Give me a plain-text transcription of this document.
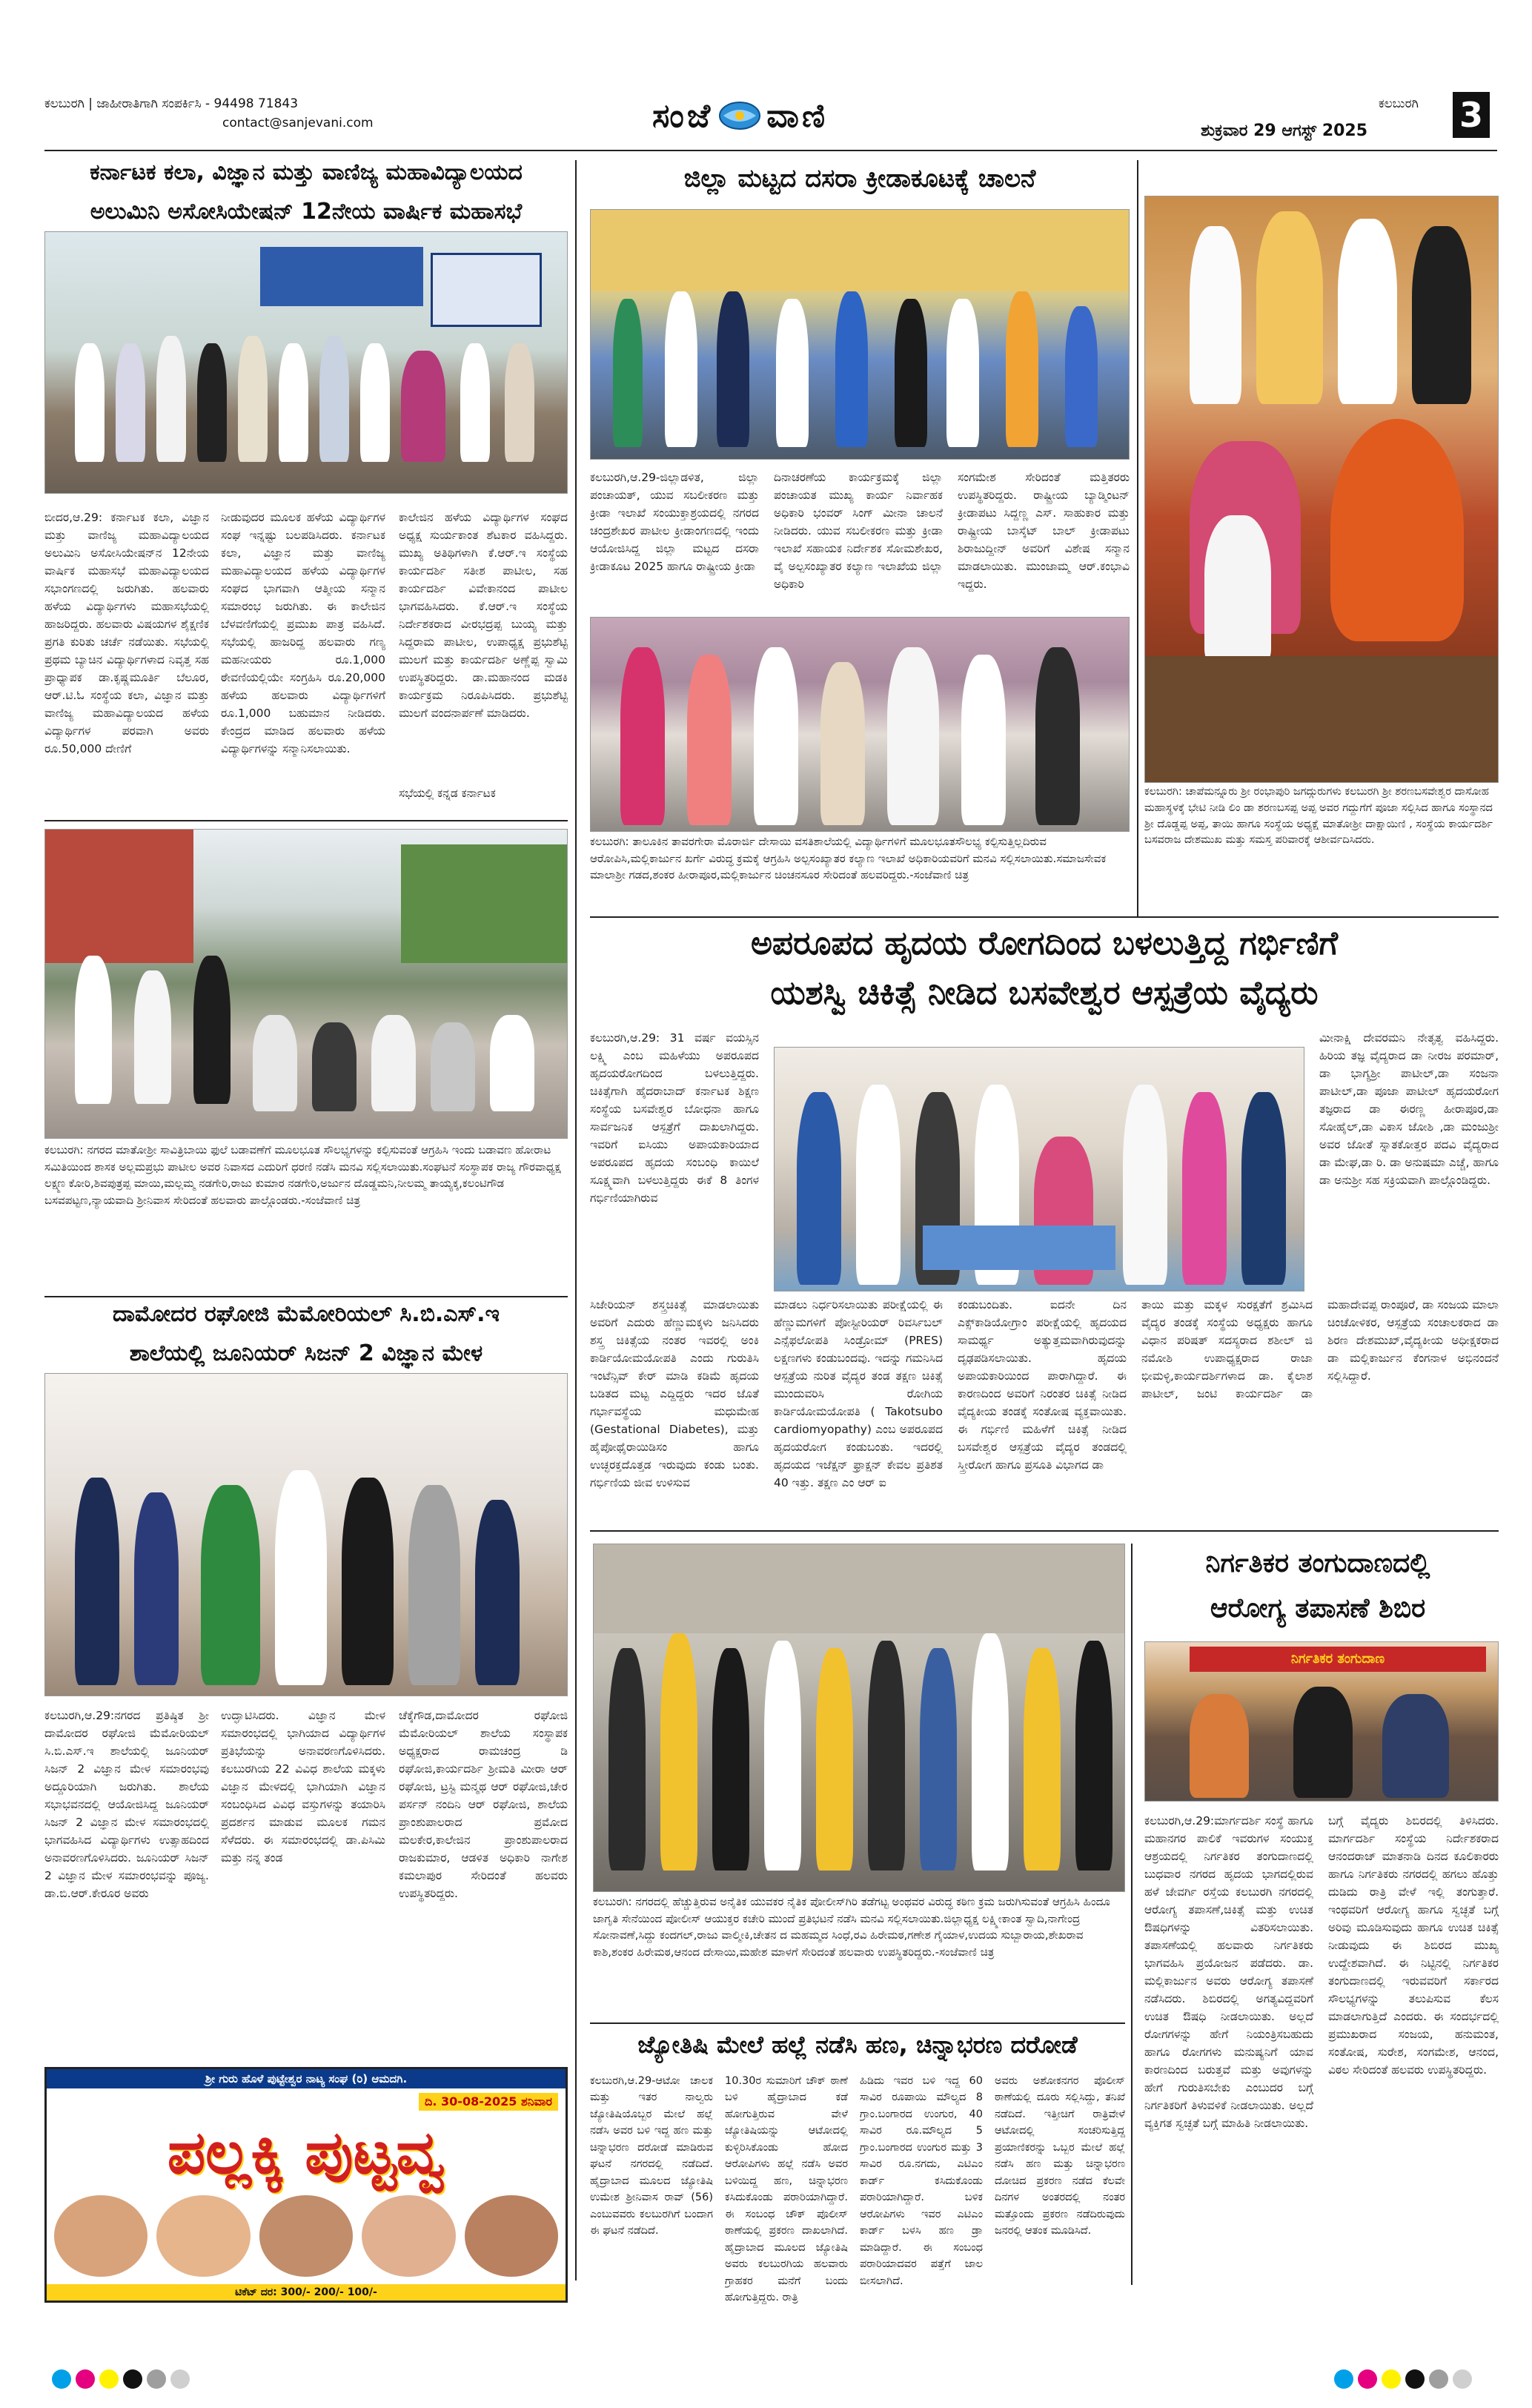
ಕಲಬುರಗಿ | ಜಾಹೀರಾತಿಗಾಗಿ ಸಂಪರ್ಕಿಸಿ - 94498 71843
contact@sanjevani.com	ಸಂಜೆ ವಾಣಿ	ಕಲಬುರಗಿ
ಶುಕ್ರವಾರ 29 ಆಗಸ್ಟ್ 2025	3
ಕರ್ನಾಟಕ ಕಲಾ, ವಿಜ್ಞಾನ ಮತ್ತು ವಾಣಿಜ್ಯ ಮಹಾವಿದ್ಯಾಲಯದ
ಅಲುಮಿನಿ ಅಸೋಸಿಯೇಷನ್ 12ನೇಯ ವಾರ್ಷಿಕ ಮಹಾಸಭೆ
ಬೀದರ,ಆ.29: ಕರ್ನಾಟಕ ಕಲಾ, ವಿಜ್ಞಾನ ಮತ್ತು ವಾಣಿಜ್ಯ ಮಹಾವಿದ್ಯಾಲಯದ ಅಲುಮಿನಿ ಅಸೋಸಿಯೇಷನ್‌ನ 12ನೇಯ ವಾರ್ಷಿಕ ಮಹಾಸಭೆ ಮಹಾವಿದ್ಯಾಲಯದ ಸಭಾಂಗಣದಲ್ಲಿ ಜರುಗಿತು. ಹಲವಾರು ಹಳೆಯ ವಿದ್ಯಾರ್ಥಿಗಳು ಮಹಾಸಭೆಯಲ್ಲಿ ಹಾಜರಿದ್ದರು. ಹಲವಾರು ವಿಷಯಗಳ ಶೈಕ್ಷಣಿಕ ಪ್ರಗತಿ ಕುರಿತು ಚರ್ಚೆ ನಡೆಯಿತು. ಸಭೆಯಲ್ಲಿ ಪ್ರಥಮ ಬ್ಯಾಚಿನ ವಿದ್ಯಾರ್ಥಿಗಳಾದ ನಿವೃತ್ತ ಸಹ ಪ್ರಾಧ್ಯಾಪಕ ಡಾ.ಕೃಷ್ಣಮೂರ್ತಿ ಬೆಲೂರ, ಆರ್.ಟಿ.ಓ ಸಂಸ್ಥೆಯ ಕಲಾ, ವಿಜ್ಞಾನ ಮತ್ತು ವಾಣಿಜ್ಯ ಮಹಾವಿದ್ಯಾಲಯದ ಹಳೆಯ ವಿದ್ಯಾರ್ಥಿಗಳ ಪರವಾಗಿ ಅವರು ರೂ.50,000 ದೇಣಿಗೆ
ನೀಡುವುದರ ಮೂಲಕ ಹಳೆಯ ವಿದ್ಯಾರ್ಥಿಗಳ ಸಂಘ ಇನ್ನಷ್ಟು ಬಲಪಡಿಸಿದರು. ಕರ್ನಾಟಕ ಕಲಾ, ವಿಜ್ಞಾನ ಮತ್ತು ವಾಣಿಜ್ಯ ಮಹಾವಿದ್ಯಾಲಯದ ಹಳೆಯ ವಿದ್ಯಾರ್ಥಿಗಳ ಸಂಘದ ಭಾಗವಾಗಿ ಆತ್ಮೀಯ ಸನ್ಮಾನ ಸಮಾರಂಭ ಜರುಗಿತು. ಈ ಕಾಲೇಜಿನ ಬೆಳವಣಿಗೆಯಲ್ಲಿ ಪ್ರಮುಖ ಪಾತ್ರ ವಹಿಸಿದೆ. ಸಭೆಯಲ್ಲಿ ಹಾಜರಿದ್ದ ಹಲವಾರು ಗಣ್ಯ ಮಹನೀಯರು ರೂ.1,000 ಠೇವಣಿಯಲ್ಲಿಯೇ ಸಂಗ್ರಹಿಸಿ ರೂ.20,000 ಹಳೆಯ ಹಲವಾರು ವಿದ್ಯಾರ್ಥಿಗಳಿಗೆ ರೂ.1,000 ಬಹುಮಾನ ನೀಡಿದರು. ಕೇಂದ್ರದ ಮಾಡಿದ ಹಲವಾರು ಹಳೆಯ ವಿದ್ಯಾರ್ಥಿಗಳನ್ನು ಸನ್ಮಾನಿಸಲಾಯಿತು.
ಕಾಲೇಜಿನ ಹಳೆಯ ವಿದ್ಯಾರ್ಥಿಗಳ ಸಂಘದ ಅಧ್ಯಕ್ಷ ಸುರ್ಯಕಾಂತ ಶೆಟಕಾರ ವಹಿಸಿದ್ದರು. ಮುಖ್ಯ ಅತಿಥಿಗಳಾಗಿ ಕೆ.ಆರ್.ಇ ಸಂಸ್ಥೆಯ ಕಾರ್ಯದರ್ಶಿ ಸತೀಶ ಪಾಟೀಲ, ಸಹ ಕಾರ್ಯದರ್ಶಿ ವಿವೇಕಾನಂದ ಪಾಟೀಲ ಭಾಗವಹಿಸಿದರು. ಕೆ.ಆರ್.ಇ ಸಂಸ್ಥೆಯ ನಿರ್ದೇಶಕರಾದ ವೀರಭದ್ರಪ್ಪ ಬುಯ್ಯ ಮತ್ತು ಸಿದ್ದರಾಮ ಪಾಟೀಲ, ಉಪಾಧ್ಯಕ್ಷ ಪ್ರಭುಶೆಟ್ಟಿ ಮುಲಗೆ ಮತ್ತು ಕಾರ್ಯದರ್ಶಿ ಅಣ್ಣೆಪ್ಪ ಸ್ವಾಮಿ ಉಪಸ್ಥಿತರಿದ್ದರು. ಡಾ.ಮಹಾನಂದ ಮಡಕಿ ಕಾರ್ಯಕ್ರಮ ನಿರೂಪಿಸಿದರು. ಪ್ರಭುಶೆಟ್ಟಿ ಮುಲಗೆ ವಂದನಾರ್ಪಣೆ ಮಾಡಿದರು.
ಸಭೆಯಲ್ಲಿ ಕನ್ನಡ ಕರ್ನಾಟಕ
ಜಿಲ್ಲಾ ಮಟ್ಟದ ದಸರಾ ಕ್ರೀಡಾಕೂಟಕ್ಕೆ ಚಾಲನೆ
ಕಲಬುರಗಿ,ಆ.29-ಜಿಲ್ಲಾಡಳಿತ, ಜಿಲ್ಲಾ ಪಂಚಾಯತ್, ಯುವ ಸಬಲೀಕರಣ ಮತ್ತು ಕ್ರೀಡಾ ಇಲಾಖೆ ಸಂಯುಕ್ತಾಶ್ರಯದಲ್ಲಿ ನಗರದ ಚಂದ್ರಶೇಖರ ಪಾಟೀಲ ಕ್ರೀಡಾಂಗಣದಲ್ಲಿ ಇಂದು ಆಯೋಜಿಸಿದ್ದ ಜಿಲ್ಲಾ ಮಟ್ಟದ ದಸರಾ ಕ್ರೀಡಾಕೂಟ 2025 ಹಾಗೂ ರಾಷ್ಟ್ರೀಯ ಕ್ರೀಡಾ
ದಿನಾಚರಣೆಯ ಕಾರ್ಯಕ್ರಮಕ್ಕೆ ಜಿಲ್ಲಾ ಪಂಚಾಯತ ಮುಖ್ಯ ಕಾರ್ಯ ನಿರ್ವಾಹಕ ಅಧಿಕಾರಿ ಭಂವರ್ ಸಿಂಗ್ ಮೀನಾ ಚಾಲನೆ ನೀಡಿದರು. ಯುವ ಸಬಲೀಕರಣ ಮತ್ತು ಕ್ರೀಡಾ ಇಲಾಖೆ ಸಹಾಯಕ ನಿರ್ದೇಶಕ ಸೋಮಶೇಖರ, ವೈ ಅಲ್ಪಸಂಖ್ಯಾತರ ಕಲ್ಯಾಣ ಇಲಾಖೆಯ ಜಿಲ್ಲಾ ಅಧಿಕಾರಿ
ಸಂಗಮೇಶ ಸೇರಿದಂತೆ ಮತ್ತಿತರರು ಉಪಸ್ಥಿತರಿದ್ದರು. ರಾಷ್ಟ್ರೀಯ ಬ್ಯಾಡ್ಮಿಂಟನ್ ಕ್ರೀಡಾಪಟು ಸಿದ್ದಣ್ಣ ಎಸ್. ಸಾಹುಕಾರ ಮತ್ತು ರಾಷ್ಟ್ರೀಯ ಬಾಸ್ಕೆಟ್ ಬಾಲ್ ಕ್ರೀಡಾಪಟು ಶಿರಾಜುದ್ದೀನ್ ಅವರಿಗೆ ವಿಶೇಷ ಸನ್ಮಾನ ಮಾಡಲಾಯಿತು. ಮುಂಜಾಮ್ಮ ಆರ್.ಕಂಭಾವಿ ಇದ್ದರು.
ಕಲಬುರಗಿ: ತಾಲೂಕಿನ ತಾವರಗೇರಾ ಮೊರಾರ್ಜಿ ದೇಸಾಯಿ ವಸತಿಶಾಲೆಯಲ್ಲಿ ವಿದ್ಯಾರ್ಥಿಗಳಿಗೆ ಮೂಲಭೂತಸೌಲಭ್ಯ ಕಲ್ಪಿಸುತ್ತಿಲ್ಲದಿರುವ ಆರೋಪಿಸಿ,ಮಲ್ಲಿಕಾರ್ಜುನ ಖರ್ಗೆ ವಿರುದ್ಧ ಕ್ರಮಕ್ಕೆ ಆಗ್ರಹಿಸಿ ಅಲ್ಪಸಂಖ್ಯಾತರ ಕಲ್ಯಾಣ ಇಲಾಖೆ ಅಧಿಕಾರಿಯವರಿಗೆ ಮನವಿ ಸಲ್ಲಿಸಲಾಯಿತು.ಸಮಾಜಸೇವಕ ಮಾಲಾಶ್ರೀ ಗಡದ,ಶಂಕರ ಹೀರಾಪೂರ,ಮಲ್ಲಿಕಾರ್ಜುನ ಚಿಂಚನಸೂರ ಸೇರಿದಂತೆ ಹಲವರಿದ್ದರು.-ಸಂಜೆವಾಣಿ ಚಿತ್ರ
ಕಲಬುರಗಿ: ಚಾಪೆಮನ್ನೂರು ಶ್ರೀ ರಂಭಾಪುರಿ ಜಗದ್ಗುರುಗಳು ಕಲಬುರಗಿ ಶ್ರೀ ಶರಣಬಸವೇಶ್ವರ ದಾಸೋಹ ಮಹಾಸ್ಥಳಕ್ಕೆ ಭೇಟಿ ನೀಡಿ ಲಿಂ ಡಾ ಶರಣಬಸಪ್ಪ ಅಪ್ಪ ಅವರ ಗದ್ದುಗೆಗೆ ಪೂಜಾ ಸಲ್ಲಿಸಿದ ಹಾಗೂ ಸಂಸ್ಥಾನದ ಶ್ರೀ ದೊಡ್ಡಪ್ಪ ಅಪ್ಪ, ತಾಯಿ ಹಾಗೂ ಸಂಸ್ಥೆಯ ಅಧ್ಯಕ್ಷೆ ಮಾತೋಶ್ರೀ ದಾಕ್ಷಾಯಿಣಿ , ಸಂಸ್ಥೆಯ ಕಾರ್ಯದರ್ಶಿ ಬಸವರಾಜ ದೇಶಮುಖ ಮತ್ತು ಸಮಸ್ತ ಪರಿವಾರಕ್ಕೆ ಆಶೀರ್ವದಿಸಿದರು.
ಕಲಬುರಗಿ: ನಗರದ ಮಾತೋಶ್ರೀ ಸಾವಿತ್ರಿಬಾಯಿ ಫುಲೆ ಬಡಾವಣೆಗೆ ಮೂಲಭೂತ ಸೌಲಭ್ಯಗಳನ್ನು ಕಲ್ಪಿಸುವಂತೆ ಆಗ್ರಹಿಸಿ ಇಂದು ಬಡಾವಣ ಹೋರಾಟ ಸಮಿತಿಯಿಂದ ಶಾಸಕ ಅಲ್ಲಮಪ್ರಭು ಪಾಟೀಲ ಅವರ ನಿವಾಸದ ಎದುರಿಗೆ ಧರಣಿ ನಡೆಸಿ ಮನವಿ ಸಲ್ಲಿಸಲಾಯಿತು.ಸಂಘಟನೆ ಸಂಸ್ಥಾಪಕ ರಾಜ್ಯ ಗೌರವಾಧ್ಯಕ್ಷ ಲಕ್ಷ್ಮಣ ಕೋರಿ,ಶಿವಪುತ್ರಪ್ಪ ಮಾಯಿ,ಮಲ್ಲಮ್ಮ ನಡಗೇರಿ,ರಾಜು ಕುಮಾರ ನಡಗೇರಿ,ಅರ್ಜುನ ದೊಡ್ಡಮನಿ,ನೀಲಮ್ಮ ತಾಯ್ಯಕ್ಕ,ಕಲಂಟಿಗೌಡ ಬಸವಪಟ್ಟಣ,ನ್ಯಾಯವಾದಿ ಶ್ರೀನಿವಾಸ ಸೇರಿದಂತೆ ಹಲವಾರು ಪಾಲ್ಗೊಂಡರು.-ಸಂಜೆವಾಣಿ ಚಿತ್ರ
ದಾಮೋದರ ರಘೋಜಿ ಮೆಮೋರಿಯಲ್ ಸಿ.ಬಿ.ಎಸ್.ಇ
ಶಾಲೆಯಲ್ಲಿ ಜೂನಿಯರ್ ಸಿಜನ್ 2 ವಿಜ್ಞಾನ ಮೇಳ
ಕಲಬುರಗಿ,ಆ.29:ನಗರದ ಪ್ರತಿಷ್ಠಿತ ಶ್ರೀ ದಾಮೋದರ ರಘೋಜಿ ಮೆಮೋರಿಯಲ್ ಸಿ.ಬಿ.ಎಸ್.ಇ ಶಾಲೆಯಲ್ಲಿ ಜೂನಿಯರ್ ಸಿಜನ್ 2 ವಿಜ್ಞಾನ ಮೇಳ ಸಮಾರಂಭವು ಅದ್ದೂರಿಯಾಗಿ ಜರುಗಿತು. ಶಾಲೆಯ ಸಭಾಭವನದಲ್ಲಿ ಆಯೋಜಿಸಿದ್ದ ಜೂನಿಯರ್ ಸಿಜನ್ 2 ವಿಜ್ಞಾನ ಮೇಳ ಸಮಾರಂಭದಲ್ಲಿ ಭಾಗವಹಿಸಿದ ವಿದ್ಯಾರ್ಥಿಗಳು ಉತ್ಸಾಹದಿಂದ ಅನಾವರಣಗೊಳಿಸಿದರು. ಜೂನಿಯರ್ ಸಿಜನ್ 2 ವಿಜ್ಞಾನ ಮೇಳ ಸಮಾರಂಭವನ್ನು ಪೂಜ್ಯ. ಡಾ.ಬಿ.ಆರ್.ಕೇರೂರ ಅವರು
ಉದ್ಘಾಟಿಸಿದರು. ವಿಜ್ಞಾನ ಮೇಳ ಸಮಾರಂಭದಲ್ಲಿ ಭಾಗಿಯಾದ ವಿದ್ಯಾರ್ಥಿಗಳ ಪ್ರತಿಭೆಯನ್ನು ಅನಾವರಣಗೊಳಿಸಿದರು. ಕಲಬುರಗಿಯ 22 ವಿವಿಧ ಶಾಲೆಯ ಮಕ್ಕಳು ವಿಜ್ಞಾನ ಮೇಳದಲ್ಲಿ ಭಾಗಿಯಾಗಿ ವಿಜ್ಞಾನ ಸಂಬಂಧಿಸಿದ ವಿವಿಧ ವಸ್ತುಗಳನ್ನು ತಯಾರಿಸಿ ಪ್ರದರ್ಶನ ಮಾಡುವ ಮೂಲಕ ಗಮನ ಸೆಳೆದರು. ಈ ಸಮಾರಂಭದಲ್ಲಿ ಡಾ.ಪಿಸಿಮಿ ಮತ್ತು ನನ್ನ ತಂಡ
ಚೆಕ್ಕೆಗೌಡ,ದಾಮೋದರ ರಘೋಜಿ ಮೆಮೋರಿಯಲ್ ಶಾಲೆಯ ಸಂಸ್ಥಾಪಕ ಅಧ್ಯಕ್ಷರಾದ ರಾಮಚಂದ್ರ ಡಿ ರಘೋಜಿ,ಕಾರ್ಯದರ್ಶಿ ಶ್ರೀಮತಿ ಮೀರಾ ಆರ್ ರಘೋಜಿ, ಟ್ರಸ್ಟಿ ಮನ್ಮಥ ಆರ್ ರಘೋಜಿ,ಚೇರ ಪರ್ಸನ್ ನಂದಿನಿ ಆರ್ ರಘೋಜಿ, ಶಾಲೆಯ ಪ್ರಾಂಶುಪಾಲರಾದ ಪ್ರಮೋದ ಮಲಕೇರ,ಕಾಲೇಜಿನ ಪ್ರಾಂಶುಪಾಲರಾದ ರಾಜಕುಮಾರ, ಆಡಳಿತ ಅಧಿಕಾರಿ ನಾಗೇಶ ಕಮಲಾಪುರ ಸೇರಿದಂತೆ ಹಲವರು ಉಪಸ್ಥಿತರಿದ್ದರು.
ಶ್ರೀ ಗುರು ಹೊಳೆ ಪುಟ್ಟೇಶ್ವರ ನಾಟ್ಯ ಸಂಘ (ರಿ) ಆಮದಗಿ.
ದಿ. 30-08-2025 ಶನಿವಾರ
ಪಲ್ಲಕ್ಕಿ ಪುಟ್ಟವ್ವ
ಟಿಕೆಟ್ ದರ: 300/- 200/- 100/-
ಅಪರೂಪದ ಹೃದಯ ರೋಗದಿಂದ ಬಳಲುತ್ತಿದ್ದ ಗರ್ಭಿಣಿಗೆ
ಯಶಸ್ವಿ ಚಿಕಿತ್ಸೆ ನೀಡಿದ ಬಸವೇಶ್ವರ ಆಸ್ಪತ್ರೆಯ ವೈದ್ಯರು
ಕಲಬುರಗಿ,ಆ.29: 31 ವರ್ಷ ವಯಸ್ಸಿನ ಲಕ್ಷ್ಮಿ ಎಂಬ ಮಹಿಳೆಯು ಅಪರೂಪದ ಹೃದಯರೋಗದಿಂದ ಬಳಲುತ್ತಿದ್ದರು. ಚಿಕಿತ್ಸೆಗಾಗಿ ಹೈದರಾಬಾದ್ ಕರ್ನಾಟಕ ಶಿಕ್ಷಣ ಸಂಸ್ಥೆಯ ಬಸವೇಶ್ವರ ಬೋಧನಾ ಹಾಗೂ ಸಾರ್ವಜನಿಕ ಆಸ್ಪತ್ರೆಗೆ ದಾಖಲಾಗಿದ್ದರು. ಇವರಿಗೆ ಐಸಿಯು ಅಪಾಯಕಾರಿಯಾದ ಅಪರೂಪದ ಹೃದಯ ಸಂಬಂಧಿ ಕಾಯಿಲೆ ಸೂಕ್ಷ್ಮವಾಗಿ ಬಳಲುತ್ತಿದ್ದರು ಈಕೆ 8 ತಿಂಗಳ ಗರ್ಭಿಣಿಯಾಗಿರುವ
ಮೀನಾಕ್ಷಿ ದೇವರಮನಿ ನೇತೃತ್ವ ವಹಿಸಿದ್ದರು. ಹಿರಿಯ ತಜ್ಞ ವೈದ್ಯರಾದ ಡಾ ನೀರಜ ಪರಮಾರ್, ಡಾ ಭಾಗ್ಯಶ್ರೀ ಪಾಟೀಲ್,ಡಾ ಸಂಜನಾ ಪಾಟೀಲ್,ಡಾ ಪೂಜಾ ಪಾಟೀಲ್ ಹೃದಯರೋಗ ತಜ್ಞರಾದ ಡಾ ಈರಣ್ಣ ಹೀರಾಪೂರ,ಡಾ ಸೋಹೈಲ್,ಡಾ ವಿಕಾಸ ಜೋಶಿ ,ಡಾ ಮಂಜುಶ್ರೀ ಅವರ ಜೋತೆ ಸ್ನಾತಕೋತ್ತರ ಪದವಿ ವೈದ್ಯರಾದ ಡಾ ಮೇಘ,ಡಾ ರಿ. ಡಾ ಅನುಷಮಾ ಎಚ್ಚೆ, ಹಾಗೂ ಡಾ ಅನುಶ್ರೀ ಸಹ ಸಕ್ರಿಯವಾಗಿ ಪಾಲ್ಗೊಂಡಿದ್ದರು.
ಸಿಜೇರಿಯನ್ ಶಸ್ತ್ರಚಿಕಿತ್ಸೆ ಮಾಡಲಾಯಿತು ಅವರಿಗೆ ಎದುರು ಹೆಣ್ಣುಮಕ್ಕಳು ಜನಿಸಿದರು ಶಸ್ತ್ರ ಚಿಕಿತ್ಸೆಯ ನಂತರ ಇವರಲ್ಲಿ ಅಂಕಿ ಕಾರ್ಡಿಯೋಮಯೋಪತಿ ಎಂದು ಗುರುತಿಸಿ ಇಂಟೆನ್ಸಿವ್ ಕೇರ್ ಮಾಡಿ ಕಡಿಮೆ ಹೃದಯ ಬಡಿತದ ಮಟ್ಟ ಎದ್ದಿದ್ದರು ಇದರ ಜೊತೆ ಗರ್ಭಾವಸ್ಥೆಯ ಮಧುಮೇಹ (Gestational Diabetes), ಮತ್ತು ಹೈಪೋಥೈರಾಯಿಡಿಸಂ ಹಾಗೂ ಉಚ್ಛರಕ್ತದೊತ್ತಡ ಇರುವುದು ಕಂಡು ಬಂತು. ಗರ್ಭಿಣಿಯ ಜೀವ ಉಳಿಸುವ
ಮಾಡಲು ನಿರ್ಧರಿಸಲಾಯಿತು ಪರೀಕ್ಷೆಯಲ್ಲಿ ಈ ಹೆಣ್ಣುಮಗಳಿಗೆ ಪೋಸ್ಟೀರಿಯರ್ ರಿವರ್ಸಿಬಲ್ ಎನ್ಸೆಫಲೋಪತಿ ಸಿಂಡ್ರೋಮ್ (PRES) ಲಕ್ಷಣಗಳು ಕಂಡುಬಂದವು. ಇದನ್ನು ಗಮನಿಸಿದ ಆಸ್ಪತ್ರೆಯ ನುರಿತ ವೈದ್ಯರ ತಂಡ ತಕ್ಷಣ ಚಿಕಿತ್ಸೆ ಮುಂದುವರಿಸಿ ರೋಗಿಯ ಕಾರ್ಡಿಯೋಮಯೋಪತಿ ( Takotsubo cardiomyopathy) ಎಂಬ ಅಪರೂಪದ ಹೃದಯರೋಗ ಕಂಡುಬಂತು. ಇದರಲ್ಲಿ ಹೃದಯದ ಇಜೆಕ್ಷನ್ ಫ್ರಾಕ್ಷನ್ ಕೇವಲ ಪ್ರತಿಶತ 40 ಇತ್ತು. ತಕ್ಷಣ ಎಂ ಆರ್ ಐ
ಕಂಡುಬಂದಿತು. ಐದನೇ ದಿನ ಎಕ್ಸ್‌ಕಾಡಿಯೋಗ್ರಾಂ ಪರೀಕ್ಷೆಯಲ್ಲಿ ಹೃದಯದ ಸಾಮರ್ಥ್ಯ ಅತ್ಯುತ್ತಮವಾಗಿರುವುದನ್ನು ದೃಢಪಡಿಸಲಾಯಿತು. ಹೃದಯ ಅಪಾಯಕಾರಿಯಿಂದ ಪಾರಾಗಿದ್ದಾರೆ. ಈ ಕಾರಣದಿಂದ ಅವರಿಗೆ ನಿರಂತರ ಚಿಕಿತ್ಸೆ ನೀಡಿದ ವೈದ್ಯಕೀಯ ತಂಡಕ್ಕೆ ಸಂತೋಷ ವ್ಯಕ್ತವಾಯಿತು. ಈ ಗರ್ಭಿಣಿ ಮಹಿಳೆಗೆ ಚಿಕಿತ್ಸೆ ನೀಡಿದ ಬಸವೇಶ್ವರ ಆಸ್ಪತ್ರೆಯ ವೈದ್ಯರ ತಂಡದಲ್ಲಿ ಸ್ತ್ರೀರೋಗ ಹಾಗೂ ಪ್ರಸೂತಿ ವಿಭಾಗದ ಡಾ
ತಾಯಿ ಮತ್ತು ಮಕ್ಕಳ ಸುರಕ್ಷತೆಗೆ ಶ್ರಮಿಸಿದ ವೈದ್ಯರ ತಂಡಕ್ಕೆ ಸಂಸ್ಥೆಯ ಅಧ್ಯಕ್ಷರು ಹಾಗೂ ವಿಧಾನ ಪರಿಷತ್ ಸದಸ್ಯರಾದ ಶಶೀಲ್ ಜಿ ನಮೋಶಿ ಉಪಾಧ್ಯಕ್ಷರಾದ ರಾಜಾ ಭೀಮಳ್ಳಿ,ಕಾರ್ಯದರ್ಶಿಗಳಾದ ಡಾ. ಕೈಲಾಶ ಪಾಟೀಲ್, ಜಂಟಿ ಕಾರ್ಯದರ್ಶಿ ಡಾ ಮಹಾದೇವಪ್ಪ ರಾಂಪೂರೆ, ಡಾ ಸಂಜಯ ಮಾಲಾ ಚಿಂಚೋಳಿಕರ, ಆಸ್ಪತ್ರೆಯ ಸಂಚಾಲಕರಾದ ಡಾ ಶಿರಣ ದೇಶಮುಖ್,ವೈದ್ಯಕೀಯ ಅಧೀಕ್ಷಕರಾದ ಡಾ ಮಲ್ಲಿಕಾರ್ಜುನ ಕೆಂಗನಾಳ ಅಭಿನಂದನೆ ಸಲ್ಲಿಸಿದ್ದಾರೆ.
ಕಲಬುರಗಿ: ನಗರದಲ್ಲಿ ಹೆಚ್ಚುತ್ತಿರುವ ಅನೈತಿಕ ಯುವಕರ ನೈತಿಕ ಪೋಲೀಸ್‌ಗಿರಿ ತಡೆಗಟ್ಟ ಅಂಥವರ ವಿರುದ್ಧ ಕಠಿಣ ಕ್ರಮ ಜರುಗಿಸುವಂತೆ ಆಗ್ರಹಿಸಿ ಹಿಂದೂ ಜಾಗೃತಿ ಸೇನೆಯಿಂದ ಪೋಲೀಸ್ ಆಯುಕ್ತರ ಕಚೇರಿ ಮುಂದೆ ಪ್ರತಿಭಟನೆ ನಡೆಸಿ ಮನವಿ ಸಲ್ಲಿಸಲಾಯಿತು.ಜಿಲ್ಲಾಧ್ಯಕ್ಷ ಲಕ್ಷ್ಮೀಕಾಂತ ಸ್ವಾದಿ,ನಾಗೇಂದ್ರ ಸೋನಾವಣೆ,ಸಿದ್ದು ಕಂದಗಲ್,ರಾಜು ವಾಲ್ಮೀಕಿ,ಚೇತನ ದ ಮಹಮ್ಮದ ಸಿಂಧೆ,ರವಿ ಹಿರೇಮಠ,ಗಣೇಶ ಗೈಯಾಳ,ಉದಯ ಸುಬ್ಬಾರಾಯ,ಶೇಖರಾವ ಕಾಶಿ,ಶಂಕರ ಹಿರೇಮಠ,ಆನಂದ ದೇಸಾಯಿ,ಮಹೇಶ ಮಾಳಗೆ ಸೇರಿದಂತೆ ಹಲವಾರು ಉಪಸ್ಥಿತರಿದ್ದರು.-ಸಂಜೆವಾಣಿ ಚಿತ್ರ
ನಿರ್ಗತಿಕರ ತಂಗುದಾಣದಲ್ಲಿ
ಆರೋಗ್ಯ ತಪಾಸಣೆ ಶಿಬಿರ
ನಿರ್ಗತಿಕರ ತಂಗುದಾಣ
ಕಲಬುರಗಿ,ಆ.29:ಮಾರ್ಗದರ್ಶಿ ಸಂಸ್ಥೆ ಹಾಗೂ ಮಹಾನಗರ ಪಾಲಿಕೆ ಇವರುಗಳ ಸಂಯುಕ್ತ ಆಶ್ರಯದಲ್ಲಿ ನಿರ್ಗತಿಕರ ತಂಗುದಾಣದಲ್ಲಿ ಬುಧವಾರ ನಗರದ ಹೃದಯ ಭಾಗದಲ್ಲಿರುವ ಹಳೆ ಜೇವರ್ಗಿ ರಸ್ತೆಯ ಕಲಬುರಗಿ ನಗರದಲ್ಲಿ ಆರೋಗ್ಯ ತಪಾಸಣೆ,ಚಿಕಿತ್ಸೆ ಮತ್ತು ಉಚಿತ ಔಷಧಿಗಳನ್ನು ವಿತರಿಸಲಾಯಿತು. ತಪಾಸಣೆಯಲ್ಲಿ ಹಲವಾರು ನಿರ್ಗತಿಕರು ಭಾಗವಹಿಸಿ ಪ್ರಯೋಜನ ಪಡೆದರು. ಡಾ. ಮಲ್ಲಿಕಾರ್ಜುನ ಅವರು ಆರೋಗ್ಯ ತಪಾಸಣೆ ನಡೆಸಿದರು. ಶಿಬಿರದಲ್ಲಿ ಅಗತ್ಯವಿದ್ದವರಿಗೆ ಉಚಿತ ಔಷಧಿ ನೀಡಲಾಯಿತು. ಅಲ್ಲದೆ ರೋಗಗಳನ್ನು ಹೇಗೆ ನಿಯಂತ್ರಿಸಬಹುದು ಹಾಗೂ ರೋಗಗಳು ಮನುಷ್ಯನಿಗೆ ಯಾವ ಕಾರಣದಿಂದ ಬರುತ್ತವೆ ಮತ್ತು ಅವುಗಳನ್ನು ಹೇಗೆ ಗುರುತಿಸಬೇಕು ಎಂಬುದರ ಬಗ್ಗೆ ನಿರ್ಗತಿಕರಿಗೆ ತಿಳುವಳಿಕೆ ನೀಡಲಾಯಿತು. ಅಲ್ಲದೆ ವ್ಯಕ್ತಿಗತ ಸ್ವಚ್ಛತೆ ಬಗ್ಗೆ ಮಾಹಿತಿ ನೀಡಲಾಯಿತು.
ಬಗ್ಗೆ ವೈದ್ಯರು ಶಿಬಿರದಲ್ಲಿ ತಿಳಿಸಿದರು. ಮಾರ್ಗದರ್ಶಿ ಸಂಸ್ಥೆಯ ನಿರ್ದೇಶಕರಾದ ಆನಂದರಾಜ್ ಮಾತನಾಡಿ ದಿನದ ಕೂಲಿಕಾರರು ಹಾಗೂ ನಿರ್ಗತಿಕರು ನಗರದಲ್ಲಿ ಹಗಲು ಹೊತ್ತು ದುಡಿದು ರಾತ್ರಿ ವೇಳೆ ಇಲ್ಲಿ ತಂಗುತ್ತಾರೆ. ಇಂಥವರಿಗೆ ಆರೋಗ್ಯ ಹಾಗೂ ಸ್ವಚ್ಛತೆ ಬಗ್ಗೆ ಅರಿವು ಮೂಡಿಸುವುದು ಹಾಗೂ ಉಚಿತ ಚಿಕಿತ್ಸೆ ನೀಡುವುದು ಈ ಶಿಬಿರದ ಮುಖ್ಯ ಉದ್ದೇಶವಾಗಿದೆ. ಈ ನಿಟ್ಟಿನಲ್ಲಿ ನಿರ್ಗತಿಕರ ತಂಗುದಾಣದಲ್ಲಿ ಇರುವವರಿಗೆ ಸರ್ಕಾರದ ಸೌಲಭ್ಯಗಳನ್ನು ತಲುಪಿಸುವ ಕೆಲಸ ಮಾಡಲಾಗುತ್ತಿದೆ ಎಂದರು. ಈ ಸಂದರ್ಭದಲ್ಲಿ ಪ್ರಮುಖರಾದ ಸಂಜಯ, ಹನುಮಂತ, ಸಂತೋಷ, ಸುರೇಶ, ಸಂಗಮೇಶ, ಆನಂದ, ವಿಠಲ ಸೇರಿದಂತೆ ಹಲವರು ಉಪಸ್ಥಿತರಿದ್ದರು.
ಜ್ಯೋತಿಷಿ ಮೇಲೆ ಹಲ್ಲೆ ನಡೆಸಿ ಹಣ, ಚಿನ್ನಾಭರಣ ದರೋಡೆ
ಕಲಬುರಗಿ,ಆ.29-ಆಟೋ ಚಾಲಕ ಮತ್ತು ಇತರ ನಾಲ್ವರು ಜ್ಯೋತಿಷಿಯೊಬ್ಬರ ಮೇಲೆ ಹಲ್ಲೆ ನಡೆಸಿ ಅವರ ಬಳಿ ಇದ್ದ ಹಣ ಮತ್ತು ಚಿನ್ನಾಭರಣ ದರೋಡೆ ಮಾಡಿರುವ ಘಟನೆ ನಗರದಲ್ಲಿ ನಡೆದಿದೆ. ಹೈದ್ರಾಬಾದ ಮೂಲದ ಜ್ಯೋತಿಷಿ ಉಮೇಶ ಶ್ರೀನಿವಾಸ ರಾವ್ (56) ಎಂಬುವವರು ಕಲಬುರಗಿಗೆ ಬಂದಾಗ ಈ ಘಟನೆ ನಡೆದಿದೆ.
10.30ರ ಸುಮಾರಿಗೆ ಚೌಕ್ ಠಾಣೆ ಬಳಿ ಹೈದ್ರಾಬಾದ ಕಡೆ ಹೋಗುತ್ತಿರುವ ವೇಳೆ ಜ್ಯೋತಿಷಿಯನ್ನು ಆಟೋದಲ್ಲಿ ಕುಳ್ಳಿರಿಸಿಕೊಂಡು ಹೋದ ಆರೋಪಿಗಳು ಹಲ್ಲೆ ನಡೆಸಿ ಅವರ ಬಳಿಯಿದ್ದ ಹಣ, ಚಿನ್ನಾಭರಣ ಕಸಿದುಕೊಂಡು ಪರಾರಿಯಾಗಿದ್ದಾರೆ. ಈ ಸಂಬಂಧ ಚೌಕ್ ಪೊಲೀಸ್ ಠಾಣೆಯಲ್ಲಿ ಪ್ರಕರಣ ದಾಖಲಾಗಿದೆ. ಹೈದ್ರಾಬಾದ ಮೂಲದ ಜ್ಯೋತಿಷಿ ಅವರು ಕಲಬುರಗಿಯ ಹಲವಾರು ಗ್ರಾಹಕರ ಮನೆಗೆ ಬಂದು ಹೋಗುತ್ತಿದ್ದರು. ರಾತ್ರಿ
ಹಿಡಿದು ಇವರ ಬಳಿ ಇದ್ದ 60 ಸಾವಿರ ರೂಪಾಯಿ ಮೌಲ್ಯದ 8 ಗ್ರಾಂ.ಬಂಗಾರದ ಉಂಗುರ, 40 ಸಾವಿರ ರೂ.ಮೌಲ್ಯದ 5 ಗ್ರಾಂ.ಬಂಗಾರದ ಉಂಗುರ ಮತ್ತು 3 ಸಾವಿರ ರೂ.ನಗದು, ಎಟಿಎಂ ಕಾರ್ಡ್ ಕಸಿದುಕೊಂಡು ಪರಾರಿಯಾಗಿದ್ದಾರೆ. ಬಳಿಕ ಆರೋಪಿಗಳು ಇವರ ಎಟಿಎಂ ಕಾರ್ಡ್ ಬಳಸಿ ಹಣ ಡ್ರಾ ಮಾಡಿದ್ದಾರೆ. ಈ ಸಂಬಂಧ ಪರಾರಿಯಾದವರ ಪತ್ತೆಗೆ ಜಾಲ ಬೀಸಲಾಗಿದೆ.
ಅವರು ಅಶೋಕನಗರ ಪೊಲೀಸ್ ಠಾಣೆಯಲ್ಲಿ ದೂರು ಸಲ್ಲಿಸಿದ್ದು, ತನಿಖೆ ನಡೆದಿದೆ. ಇತ್ತೀಚಿಗೆ ರಾತ್ರಿವೇಳೆ ಆಟೋದಲ್ಲಿ ಸಂಚರಿಸುತ್ತಿದ್ದ ಪ್ರಯಾಣಿಕರನ್ನು ಒಬ್ಬರ ಮೇಲೆ ಹಲ್ಲೆ ನಡೆಸಿ ಹಣ ಮತ್ತು ಚಿನ್ನಾಭರಣ ದೋಚಿದ ಪ್ರಕರಣ ನಡೆದ ಕೆಲವೇ ದಿನಗಳ ಅಂತರದಲ್ಲಿ ನಂತರ ಮತ್ತೊಂದು ಪ್ರಕರಣ ನಡೆದಿರುವುದು ಜನರಲ್ಲಿ ಆತಂಕ ಮೂಡಿಸಿದೆ.
